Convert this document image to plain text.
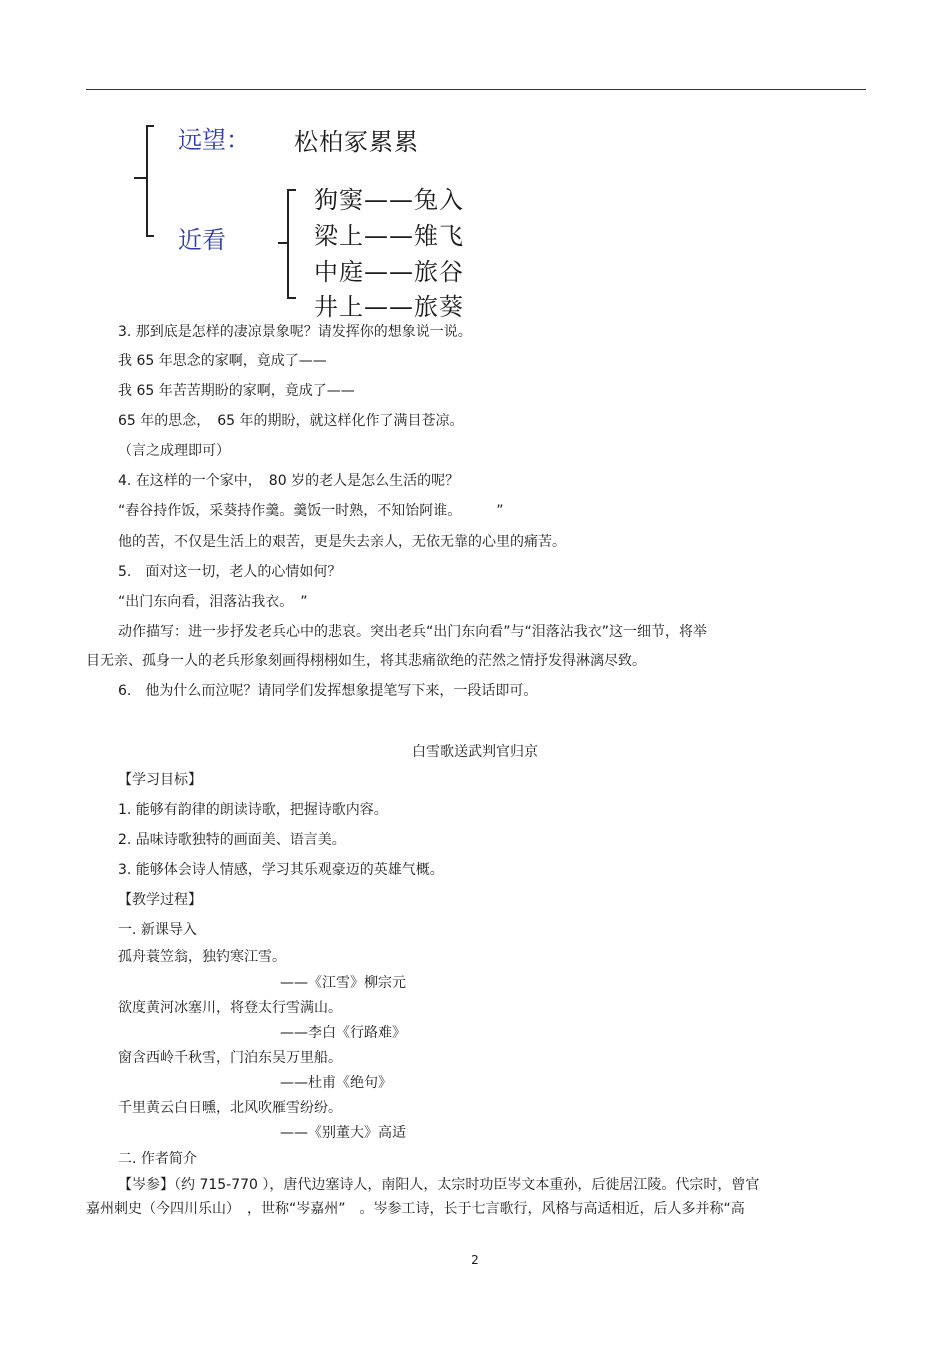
远望： 松柏冢累累
近看
狗窦——兔入
梁上——雉飞
中庭——旅谷
井上——旅葵
3. 那到底是怎样的凄凉景象呢？请发挥你的想象说一说。
我 65 年思念的家啊，竟成了——
我 65 年苦苦期盼的家啊，竟成了——
65 年的思念，　65 年的期盼，就这样化作了满目苍凉。
（言之成理即可）
4. 在这样的一个家中，　80 岁的老人是怎么生活的呢？
“舂谷持作饭，采葵持作羹。羹饭一时熟，不知饴阿谁。　　　”
他的苦，不仅是生活上的艰苦，更是失去亲人，无依无靠的心里的痛苦。
5.　面对这一切，老人的心情如何？
“出门东向看，泪落沾我衣。　”
动作描写：进一步抒发老兵心中的悲哀。突出老兵“出门东向看”与“泪落沾我衣”这一细节，将举
目无亲、孤身一人的老兵形象刻画得栩栩如生，将其悲痛欲绝的茫然之情抒发得淋漓尽致。
6.　他为什么而泣呢？请同学们发挥想象提笔写下来，一段话即可。
白雪歌送武判官归京
【学习目标】
1. 能够有韵律的朗读诗歌，把握诗歌内容。
2. 品味诗歌独特的画面美、语言美。
3. 能够体会诗人情感，学习其乐观豪迈的英雄气概。
【教学过程】
一. 新课导入
孤舟蓑笠翁，独钓寒江雪。
——《江雪》柳宗元
欲度黄河冰塞川，将登太行雪满山。
——李白《行路难》
窗含西岭千秋雪，门泊东吴万里船。
——杜甫《绝句》
千里黄云白日曛，北风吹雁雪纷纷。
——《别董大》高适
二. 作者简介
【岑参】（约 715-770 ），唐代边塞诗人，南阳人，太宗时功臣岑文本重孙，后徙居江陵。代宗时，曾官
嘉州刺史（今四川乐山）　，世称“岑嘉州”　。岑参工诗，长于七言歌行，风格与高适相近，后人多并称“高
2
